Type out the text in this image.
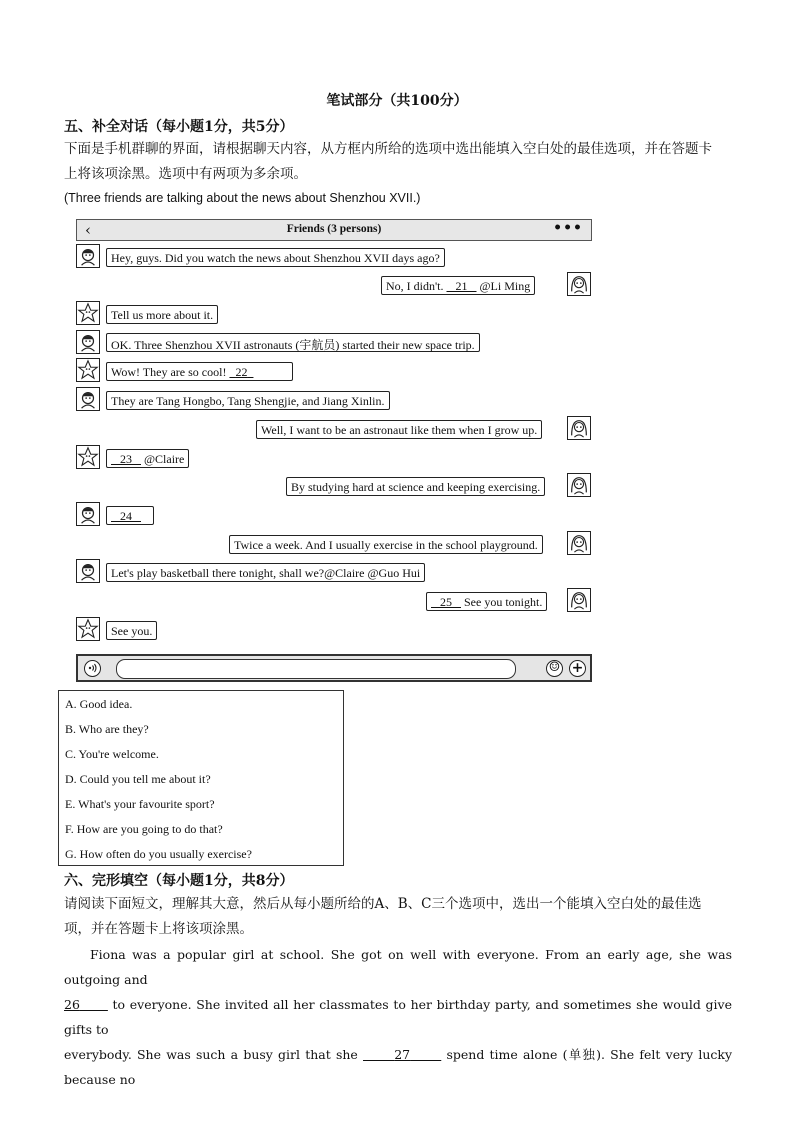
笔试部分（共100分）
五、补全对话（每小题1分，共5分）
下面是手机群聊的界面，请根据聊天内容，从方框内所给的选项中选出能填入空白处的最佳选项，并在答题卡
上将该项涂黑。选项中有两项为多余项。
(Three friends are talking about the news about Shenzhou XVII.)
‹	Friends (3 persons)	•••
Hey, guys. Did you watch the news about Shenzhou XVII days ago?
No, I didn't.    21    @Li Ming
Tell us more about it.
OK. Three Shenzhou XVII astronauts (宇航员) started their new space trip.
Wow! They are so cool!   22
They are Tang Hongbo, Tang Shengjie, and Jiang Xinlin.
Well, I want to be an astronaut like them when I grow up.
23    @Claire
By studying hard at science and keeping exercising.
24
Twice a week. And I usually exercise in the school playground.
Let's play basketball there tonight, shall we?@Claire @Guo Hui
25    See you tonight.
See you.
☺ +
A. Good idea.
B. Who are they?
C. You're welcome.
D. Could you tell me about it?
E. What's your favourite sport?
F. How are you going to do that?
G. How often do you usually exercise?
六、完形填空（每小题1分，共8分）
请阅读下面短文，理解其大意，然后从每小题所给的A、B、C三个选项中，选出一个能填入空白处的最佳选
项，并在答题卡上将该项涂黑。
Fiona was a popular girl at school. She got on well with everyone. From an early age, she was outgoing and
26       to everyone. She invited all her classmates to her birthday party, and sometimes she would give gifts to
everybody. She was such a busy girl that she       27       spend time alone (单独). She felt very lucky because no
